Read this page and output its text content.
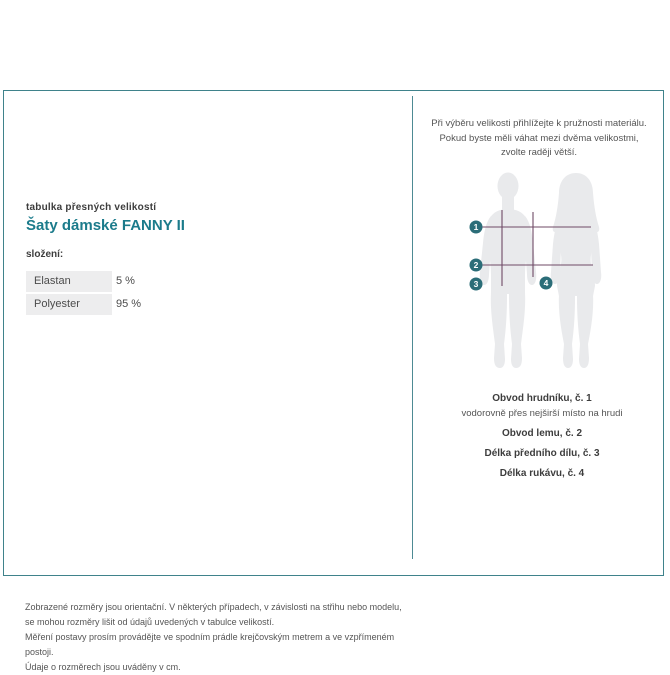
tabulka přesných velikostí
Šaty dámské FANNY II
složení:
Elastan	5 %
Polyester	95 %
Zobrazené rozměry jsou orientační. V některých případech, v závislosti na střihu nebo modelu,
se mohou rozměry lišit od údajů uvedených v tabulce velikostí.
Měření postavy prosím provádějte ve spodním prádle krejčovským metrem a ve vzpřímeném postoji.
Údaje o rozměrech jsou uváděny v cm.
Při výběru velikosti přihlížejte k pružnosti materiálu.
Pokud byste měli váhat mezi dvěma velikostmi,
zvolte raději větší.
1
2
3	4
Obvod hrudníku, č. 1
vodorovně přes nejširší místo na hrudi
Obvod lemu, č. 2
Délka předního dílu, č. 3
Délka rukávu, č. 4
